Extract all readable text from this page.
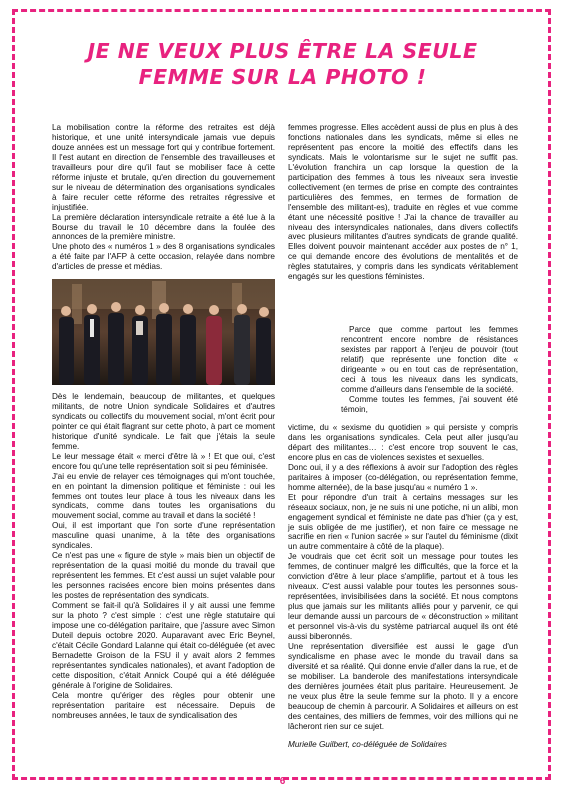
JE NE VEUX PLUS ÊTRE LA SEULE
FEMME SUR LA PHOTO !

La mobilisation contre la réforme des retraites est déjà historique, et une unité intersyndicale jamais vue depuis douze années est un message fort qui y contribue fortement. Il l'est autant en direction de l'ensemble des travailleuses et travailleurs pour dire qu'il faut se mobiliser face à cette réforme injuste et brutale, qu'en direction du gouvernement sur le niveau de détermination des organisations syndicales à faire reculer cette réforme des retraites régressive et injustifiée.

La première déclaration intersyndicale retraite a été lue à la Bourse du travail le 10 décembre dans la foulée des annonces de la première ministre.

Une photo des « numéros 1 » des 8 organisations syndicales a été faite par l'AFP à cette occasion, relayée dans nombre d'articles de presse et médias.

Dès le lendemain, beaucoup de militantes, et quelques militants, de notre Union syndicale Solidaires et d'autres syndicats ou collectifs du mouvement social, m'ont écrit pour pointer ce qui était flagrant sur cette photo, à part ce moment historique d'unité syndicale. Le fait que j'étais la seule femme.

Le leur message était « merci d'être là » ! Et que oui, c'est encore fou qu'une telle représentation soit si peu féminisée.

J'ai eu envie de relayer ces témoignages qui m'ont touchée, en en pointant la dimension politique et féministe : oui les femmes ont toutes leur place à tous les niveaux dans les syndicats, comme dans toutes les organisations du mouvement social, comme au travail et dans la société !

Oui, il est important que l'on sorte d'une représentation masculine quasi unanime, à la tête des organisations syndicales.

Ce n'est pas une « figure de style » mais bien un objectif de représentation de la quasi moitié du monde du travail que représentent les femmes. Et c'est aussi un sujet valable pour les personnes racisées encore bien moins présentes dans les postes de représentation des syndicats.

Comment se fait-il qu'à Solidaires il y ait aussi une femme sur la photo ? c'est simple : c'est une règle statutaire qui impose une co-délégation paritaire, que j'assure avec Simon Duteil depuis octobre 2020. Auparavant avec Eric Beynel, c'était Cécile Gondard Lalanne qui était co-déléguée (et avec Bernadette Groison de la FSU il y avait alors 2 femmes représentantes syndicales nationales), et avant l'adoption de cette disposition, c'était Annick Coupé qui a été déléguée générale à l'origine de Solidaires.

Cela montre qu'ériger des règles pour obtenir une représentation paritaire est nécessaire. Depuis de nombreuses années, le taux de syndicalisation des

femmes progresse. Elles accèdent aussi de plus en plus à des fonctions nationales dans les syndicats, même si elles ne représentent pas encore la moitié des effectifs dans les syndicats. Mais le volontarisme sur le sujet ne suffit pas. L'évolution franchira un cap lorsque la question de la participation des femmes à tous les niveaux sera investie collectivement (en termes de prise en compte des contraintes particulières des femmes, en termes de formation de l'ensemble des militant-es), traduite en règles et vue comme étant une nécessité positive ! J'ai la chance de travailler au niveau des intersyndicales nationales, dans divers collectifs avec plusieurs militantes d'autres syndicats de grande qualité. Elles doivent pouvoir maintenant accéder aux postes de n° 1, ce qui demande encore des évolutions de mentalités et de règles statutaires, y compris dans les syndicats véritablement engagés sur les questions féministes.

Parce que comme partout les femmes rencontrent encore nombre de résistances sexistes par rapport à l'enjeu de pouvoir (tout relatif) que représente une fonction dite « dirigeante » ou en tout cas de représentation, ceci à tous les niveaux dans les syndicats, comme d'ailleurs dans l'ensemble de la société.

Comme toutes les femmes, j'ai souvent été témoin,

victime, du « sexisme du quotidien » qui persiste y compris dans les organisations syndicales. Cela peut aller jusqu'au départ des militantes… : c'est encore trop souvent le cas, encore plus en cas de violences sexistes et sexuelles.

Donc oui, il y a des réflexions à avoir sur l'adoption des règles paritaires à imposer (co-délégation, ou représentation femme, homme alternée), de la base jusqu'au « numéro 1 ».

Et pour répondre d'un trait à certains messages sur les réseaux sociaux, non, je ne suis ni une potiche, ni un alibi, mon engagement syndical et féministe ne date pas d'hier (ça y est, je suis obligée de me justifier), et non faire ce message ne sacrifie en rien « l'union sacrée » sur l'autel du féminisme (dixit un autre commentaire à côté de la plaque).

Je voudrais que cet écrit soit un message pour toutes les femmes, de continuer malgré les difficultés, que la force et la conviction d'être à leur place s'amplifie, partout et à tous les niveaux. C'est aussi valable pour toutes les personnes sous-représentées, invisibilisées dans la société. Et nous comptons plus que jamais sur les militants alliés pour y parvenir, ce qui leur demande aussi un parcours de « déconstruction » militant et personnel vis-à-vis du système patriarcal auquel ils ont été aussi biberonnés.

Une représentation diversifiée est aussi le gage d'un syndicalisme en phase avec le monde du travail dans sa diversité et sa réalité. Qui donne envie d'aller dans la rue, et de se mobiliser. La banderole des manifestations intersyndicale des dernières journées était plus paritaire. Heureusement. Je ne veux plus être la seule femme sur la photo. Il y a encore beaucoup de chemin à parcourir. A Solidaires et ailleurs on est des centaines, des milliers de femmes, voir des millions qui ne lâcheront rien sur ce sujet.

Murielle Guilbert, co-déléguée de Solidaires
6
